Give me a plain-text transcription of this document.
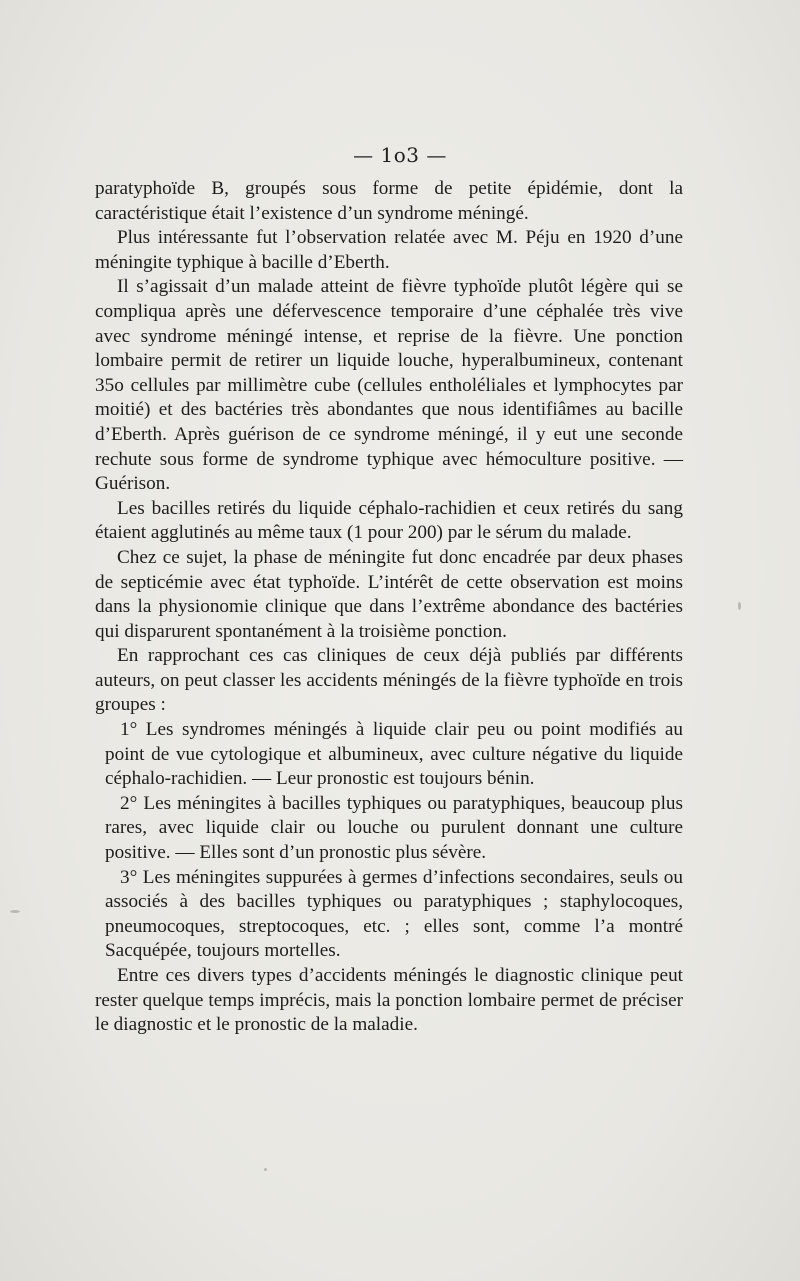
— 1o3 —

paratyphoïde B, groupés sous forme de petite épidémie, dont la caractéristique était l’existence d’un syndrome méningé.

Plus intéressante fut l’observation relatée avec M. Péju en 1920 d’une méningite typhique à bacille d’Eberth.

Il s’agissait d’un malade atteint de fièvre typhoïde plutôt légère qui se compliqua après une défervescence temporaire d’une céphalée très vive avec syndrome méningé intense, et reprise de la fièvre. Une ponction lombaire permit de retirer un liquide louche, hyperalbumineux, contenant 35o cellules par millimètre cube (cellules entholéliales et lymphocytes par moitié) et des bactéries très abondantes que nous identifiâmes au bacille d’Eberth. Après guérison de ce syndrome méningé, il y eut une seconde rechute sous forme de syndrome typhique avec hémoculture positive. — Guérison.

Les bacilles retirés du liquide céphalo-rachidien et ceux retirés du sang étaient agglutinés au même taux (1 pour 200) par le sérum du malade.

Chez ce sujet, la phase de méningite fut donc encadrée par deux phases de septicémie avec état typhoïde. L’intérêt de cette observation est moins dans la physionomie clinique que dans l’extrême abondance des bactéries qui disparurent spontanément à la troisième ponction.

En rapprochant ces cas cliniques de ceux déjà publiés par différents auteurs, on peut classer les accidents méningés de la fièvre typhoïde en trois groupes :

1° Les syndromes méningés à liquide clair peu ou point modifiés au point de vue cytologique et albumineux, avec culture négative du liquide céphalo-rachidien. — Leur pronostic est toujours bénin.

2° Les méningites à bacilles typhiques ou paratyphiques, beaucoup plus rares, avec liquide clair ou louche ou purulent donnant une culture positive. — Elles sont d’un pronostic plus sévère.

3° Les méningites suppurées à germes d’infections secondaires, seuls ou associés à des bacilles typhiques ou paratyphiques ; staphylocoques, pneumocoques, streptocoques, etc. ; elles sont, comme l’a montré Sacquépée, toujours mortelles.

Entre ces divers types d’accidents méningés le diagnostic clinique peut rester quelque temps imprécis, mais la ponction lombaire permet de préciser le diagnostic et le pronostic de la maladie.
